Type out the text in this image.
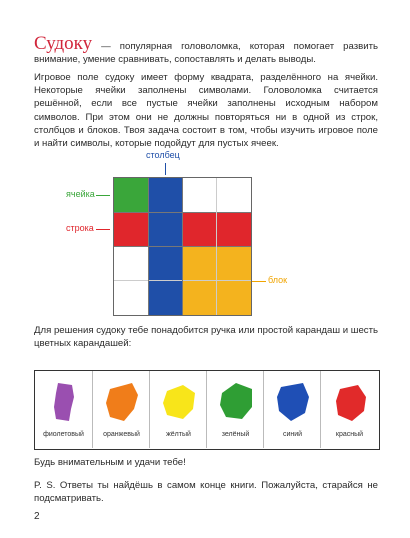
Судоку — популярная головоломка, которая помогает развить внимание, умение сравнивать, сопоставлять и делать выводы.
Игровое поле судоку имеет форму квадрата, разделённого на ячейки. Некоторые ячейки заполнены символами. Головоломка считается решённой, если все пустые ячейки заполнены исходным набором символов. При этом они не должны повторяться ни в одной из строк, столбцов и блоков. Твоя задача состоит в том, чтобы изучить игровое поле и найти символы, которые подойдут для пустых ячеек.
столбец
ячейка
строка
блок
Для решения судоку тебе понадобится ручка или простой карандаш и шесть цветных карандашей:
фиолетовый	оранжевый	жёлтый	зелёный	синий	красный
Будь внимательным и удачи тебе!
P. S. Ответы ты найдёшь в самом конце книги. Пожалуйста, старайся не подсматривать.
2
